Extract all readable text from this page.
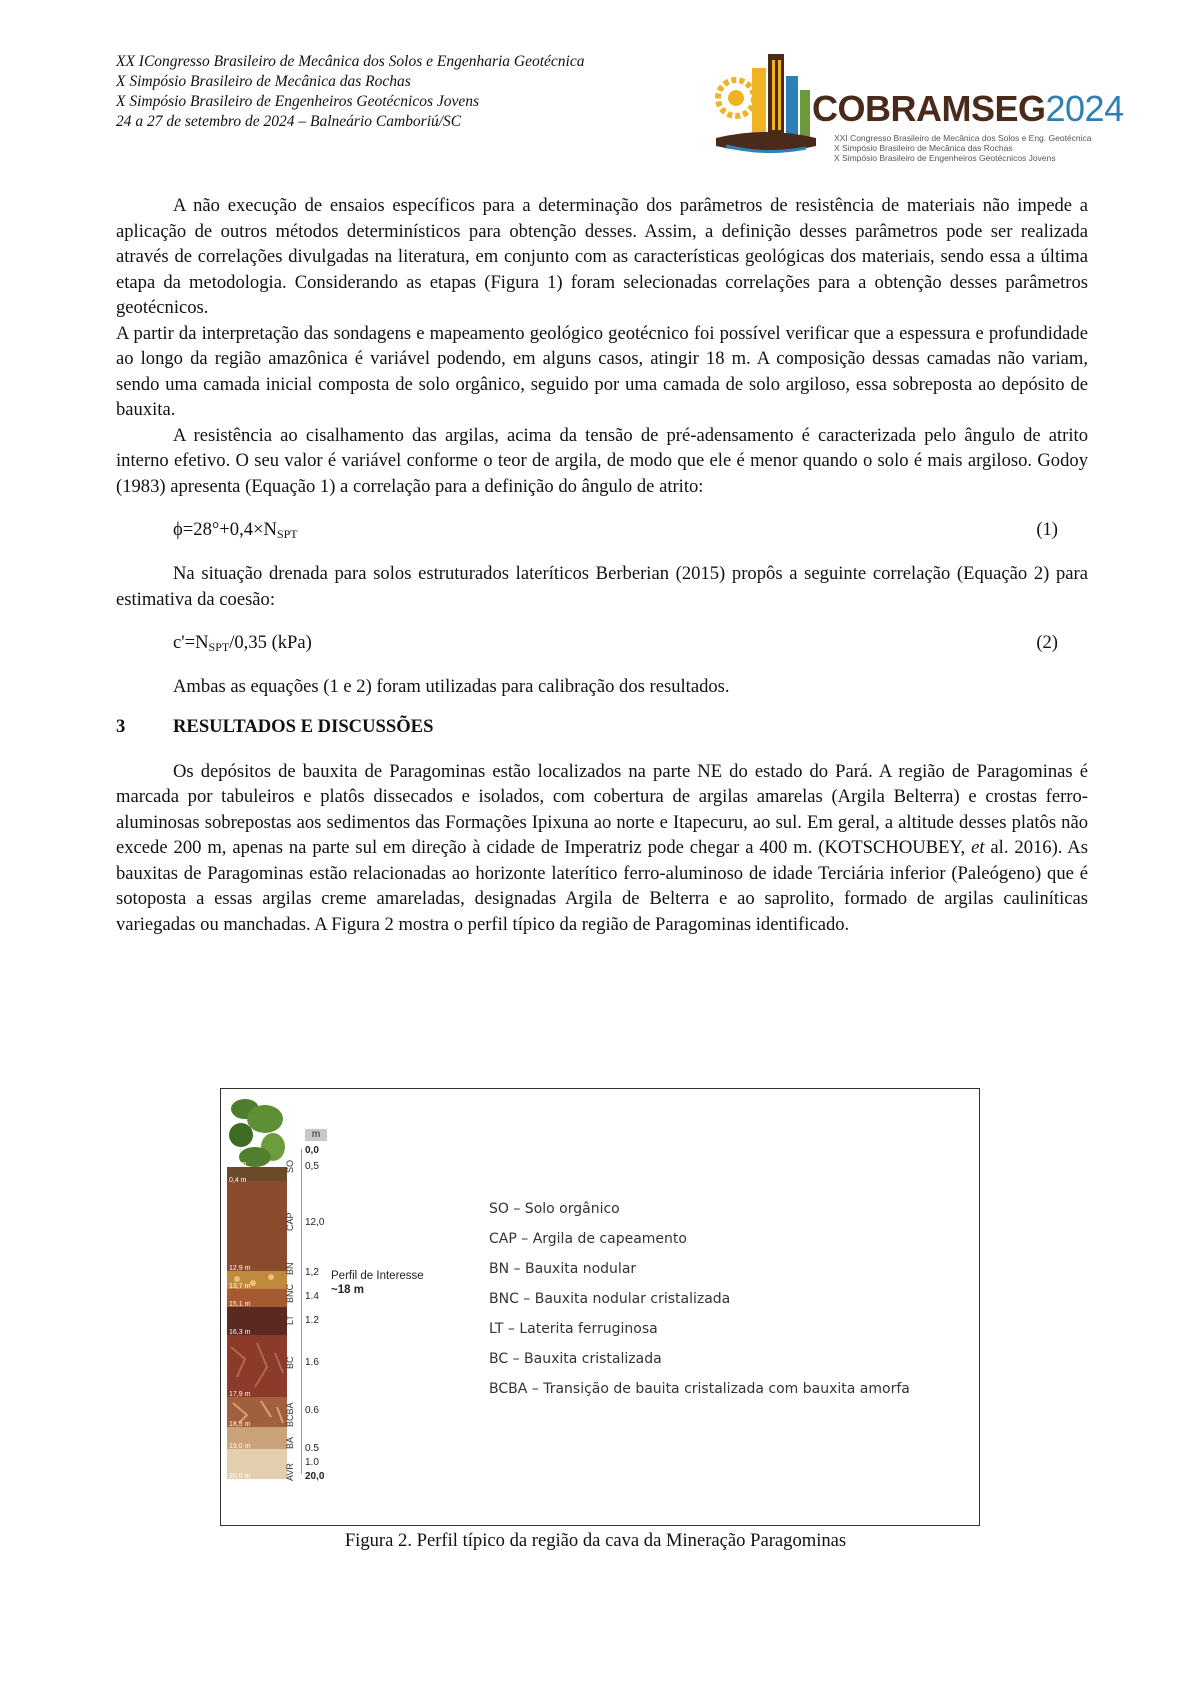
XX ICongresso Brasileiro de Mecânica dos Solos e Engenharia Geotécnica
X Simpósio Brasileiro de Mecânica das Rochas
X Simpósio Brasileiro de Engenheiros Geotécnicos Jovens
24 a 27 de setembro de 2024 – Balneário Camboriú/SC	COBRAMSEG2024
XXI Congresso Brasileiro de Mecânica dos Solos e Eng. Geotécnica
X Simpósio Brasileiro de Mecânica das Rochas
X Simpósio Brasileiro de Engenheiros Geotécnicos Jovens

A não execução de ensaios específicos para a determinação dos parâmetros de resistência de materiais não impede a aplicação de outros métodos determinísticos para obtenção desses. Assim, a definição desses parâmetros pode ser realizada através de correlações divulgadas na literatura, em conjunto com as características geológicas dos materiais, sendo essa a última etapa da metodologia. Considerando as etapas (Figura 1) foram selecionadas correlações para a obtenção desses parâmetros geotécnicos.

A partir da interpretação das sondagens e mapeamento geológico geotécnico foi possível verificar que a espessura e profundidade ao longo da região amazônica é variável podendo, em alguns casos, atingir 18 m. A composição dessas camadas não variam, sendo uma camada inicial composta de solo orgânico, seguido por uma camada de solo argiloso, essa sobreposta ao depósito de bauxita.

A resistência ao cisalhamento das argilas, acima da tensão de pré-adensamento é caracterizada pelo ângulo de atrito interno efetivo. O seu valor é variável conforme o teor de argila, de modo que ele é menor quando o solo é mais argiloso. Godoy (1983) apresenta (Equação 1) a correlação para a definição do ângulo de atrito:

$\phi=28^\circ+0,4\times N_{SPT}$	(1)

Na situação drenada para solos estruturados lateríticos Berberian (2015) propôs a seguinte correlação (Equação 2) para estimativa da coesão:

$c'=N_{SPT}/0,35$ (kPa)	(2)

Ambas as equações (1 e 2) foram utilizadas para calibração dos resultados.

3	RESULTADOS E DISCUSSÕES

Os depósitos de bauxita de Paragominas estão localizados na parte NE do estado do Pará. A região de Paragominas é marcada por tabuleiros e platôs dissecados e isolados, com cobertura de argilas amarelas (Argila Belterra) e crostas ferro-aluminosas sobrepostas aos sedimentos das Formações Ipixuna ao norte e Itapecuru, ao sul. Em geral, a altitude desses platôs não excede 200 m, apenas na parte sul em direção à cidade de Imperatriz pode chegar a 400 m. (KOTSCHOUBEY, et al. 2016). As bauxitas de Paragominas estão relacionadas ao horizonte laterítico ferro-aluminoso de idade Terciária inferior (Paleógeno) que é sotoposta a essas argilas creme amareladas, designadas Argila de Belterra e ao saprolito, formado de argilas cauliníticas variegadas ou manchadas. A Figura 2 mostra o perfil típico da região de Paragominas identificado.

0,9 m
0,4 m
12,9 m
13,7 m
15,1 m
16,3 m
17,9 m
18,5 m
19,0 m
20,0 m
m
0,0
SO 0,5
CAP 12,0
BN 1,2
BNC 1.4
LT 1.2
BC 1.6
BCBA 0.6
BA 0.5
AVR
1.0
20,0
Perfil de Interesse
~18 m
SO – Solo orgânico
CAP – Argila de capeamento
BN – Bauxita nodular
BNC – Bauxita nodular cristalizada
LT – Laterita ferruginosa
BC – Bauxita cristalizada
BCBA – Transição de bauita cristalizada com bauxita amorfa
Figura 2. Perfil típico da região da cava da Mineração Paragominas
